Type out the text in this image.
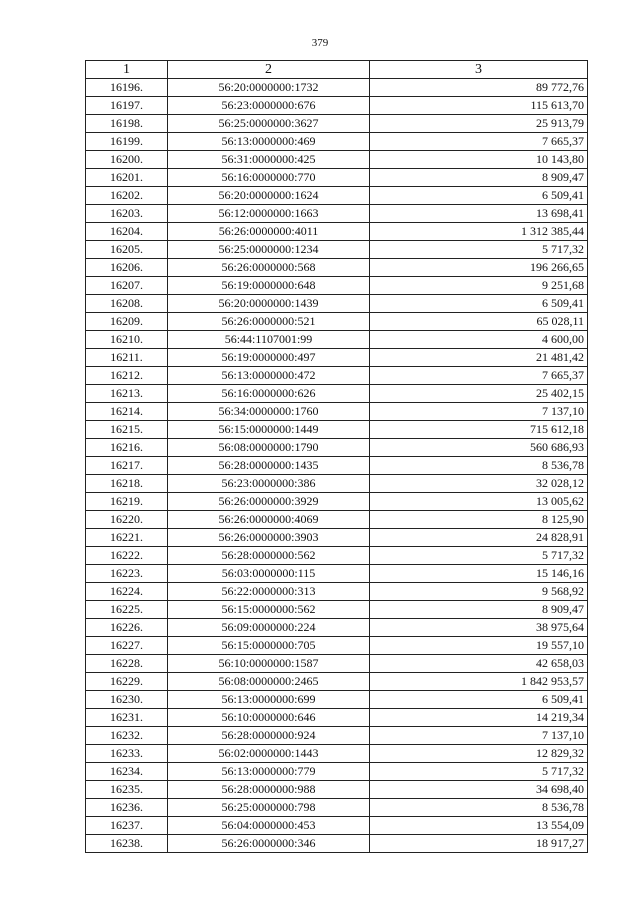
379
1	2	3
16196.	56:20:0000000:1732	89 772,76
16197.	56:23:0000000:676	115 613,70
16198.	56:25:0000000:3627	25 913,79
16199.	56:13:0000000:469	7 665,37
16200.	56:31:0000000:425	10 143,80
16201.	56:16:0000000:770	8 909,47
16202.	56:20:0000000:1624	6 509,41
16203.	56:12:0000000:1663	13 698,41
16204.	56:26:0000000:4011	1 312 385,44
16205.	56:25:0000000:1234	5 717,32
16206.	56:26:0000000:568	196 266,65
16207.	56:19:0000000:648	9 251,68
16208.	56:20:0000000:1439	6 509,41
16209.	56:26:0000000:521	65 028,11
16210.	56:44:1107001:99	4 600,00
16211.	56:19:0000000:497	21 481,42
16212.	56:13:0000000:472	7 665,37
16213.	56:16:0000000:626	25 402,15
16214.	56:34:0000000:1760	7 137,10
16215.	56:15:0000000:1449	715 612,18
16216.	56:08:0000000:1790	560 686,93
16217.	56:28:0000000:1435	8 536,78
16218.	56:23:0000000:386	32 028,12
16219.	56:26:0000000:3929	13 005,62
16220.	56:26:0000000:4069	8 125,90
16221.	56:26:0000000:3903	24 828,91
16222.	56:28:0000000:562	5 717,32
16223.	56:03:0000000:115	15 146,16
16224.	56:22:0000000:313	9 568,92
16225.	56:15:0000000:562	8 909,47
16226.	56:09:0000000:224	38 975,64
16227.	56:15:0000000:705	19 557,10
16228.	56:10:0000000:1587	42 658,03
16229.	56:08:0000000:2465	1 842 953,57
16230.	56:13:0000000:699	6 509,41
16231.	56:10:0000000:646	14 219,34
16232.	56:28:0000000:924	7 137,10
16233.	56:02:0000000:1443	12 829,32
16234.	56:13:0000000:779	5 717,32
16235.	56:28:0000000:988	34 698,40
16236.	56:25:0000000:798	8 536,78
16237.	56:04:0000000:453	13 554,09
16238.	56:26:0000000:346	18 917,27
